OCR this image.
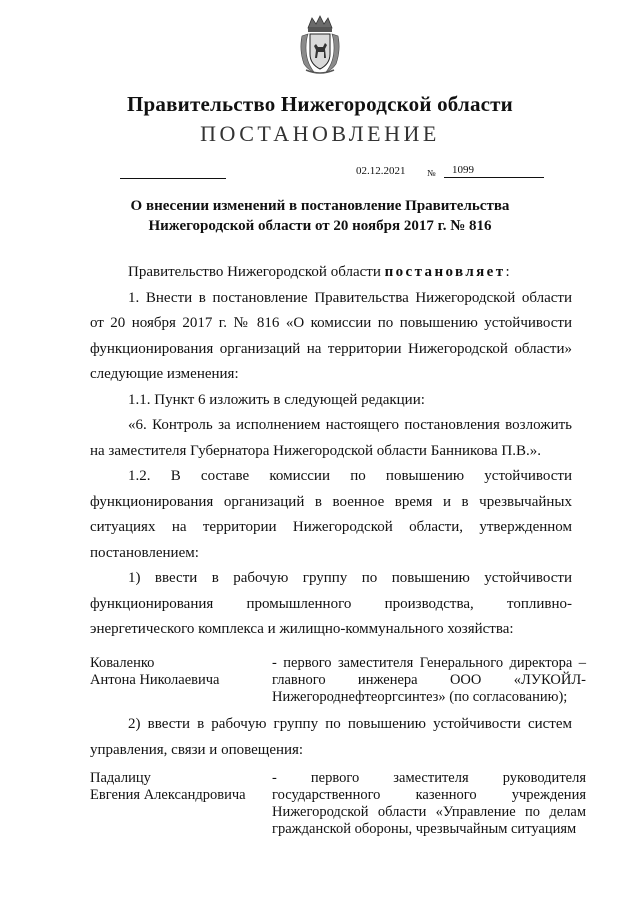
Правительство Нижегородской области
ПОСТАНОВЛЕНИЕ
02.12.2021 №	1099
О внесении изменений в постановление Правительства
Нижегородской области от 20 ноября 2017 г. № 816

Правительство Нижегородской области постановляет:

1. Внести в постановление Правительства Нижегородской области от 20 ноября 2017 г. № 816 «О комиссии по повышению устойчивости функционирования организаций на территории Нижегородской области» следующие изменения:

1.1. Пункт 6 изложить в следующей редакции:

«6. Контроль за исполнением настоящего постановления возложить на заместителя Губернатора Нижегородской области Банникова П.В.».

1.2. В составе комиссии по повышению устойчивости функционирования организаций в военное время и в чрезвычайных ситуациях на территории Нижегородской области, утвержденном постановлением:

1) ввести в рабочую группу по повышению устойчивости функционирования промышленного производства, топливно-энергетического комплекса и жилищно-коммунального хозяйства:

Коваленко
Антона Николаевича
- первого заместителя Генерального директора – главного инженера ООО «ЛУКОЙЛ-Нижегороднефтеоргсинтез» (по согласованию);

2) ввести в рабочую группу по повышению устойчивости систем управления, связи и оповещения:

Падалицу
Евгения Александровича
- первого заместителя руководителя государственного казенного учреждения Нижегородской области «Управление по делам гражданской обороны, чрезвычайным ситуациям
